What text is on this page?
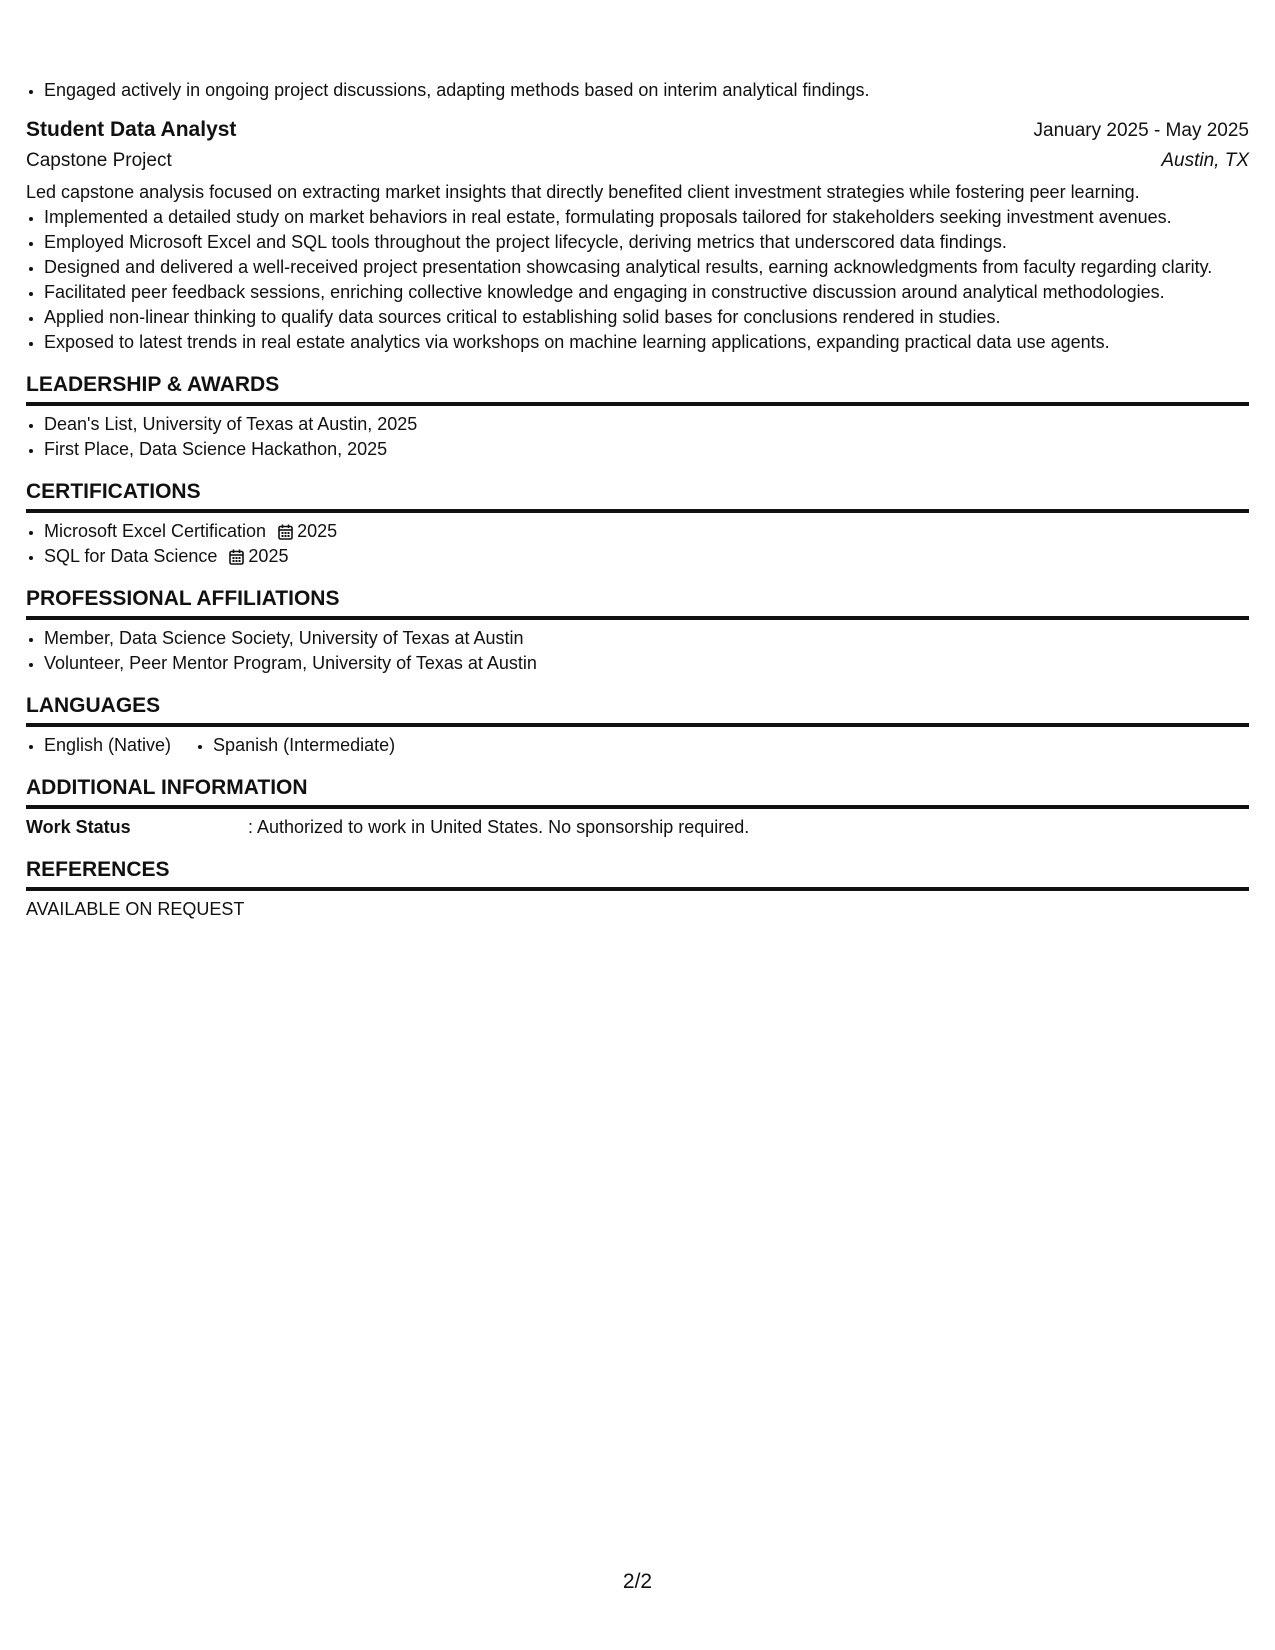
• Engaged actively in ongoing project discussions, adapting methods based on interim analytical findings.
Student Data Analyst	January 2025 - May 2025
Capstone Project	Austin, TX
Led capstone analysis focused on extracting market insights that directly benefited client investment strategies while fostering peer learning.
• Implemented a detailed study on market behaviors in real estate, formulating proposals tailored for stakeholders seeking investment avenues.
• Employed Microsoft Excel and SQL tools throughout the project lifecycle, deriving metrics that underscored data findings.
• Designed and delivered a well-received project presentation showcasing analytical results, earning acknowledgments from faculty regarding clarity.
• Facilitated peer feedback sessions, enriching collective knowledge and engaging in constructive discussion around analytical methodologies.
• Applied non-linear thinking to qualify data sources critical to establishing solid bases for conclusions rendered in studies.
• Exposed to latest trends in real estate analytics via workshops on machine learning applications, expanding practical data use agents.
LEADERSHIP & AWARDS
• Dean's List, University of Texas at Austin, 2025
• First Place, Data Science Hackathon, 2025
CERTIFICATIONS
• Microsoft Excel Certification 2025
• SQL for Data Science 2025
PROFESSIONAL AFFILIATIONS
• Member, Data Science Society, University of Texas at Austin
• Volunteer, Peer Mentor Program, University of Texas at Austin
LANGUAGES
• English (Native)
• Spanish (Intermediate)
ADDITIONAL INFORMATION
Work Status	: Authorized to work in United States. No sponsorship required.
REFERENCES
AVAILABLE ON REQUEST
2/2
